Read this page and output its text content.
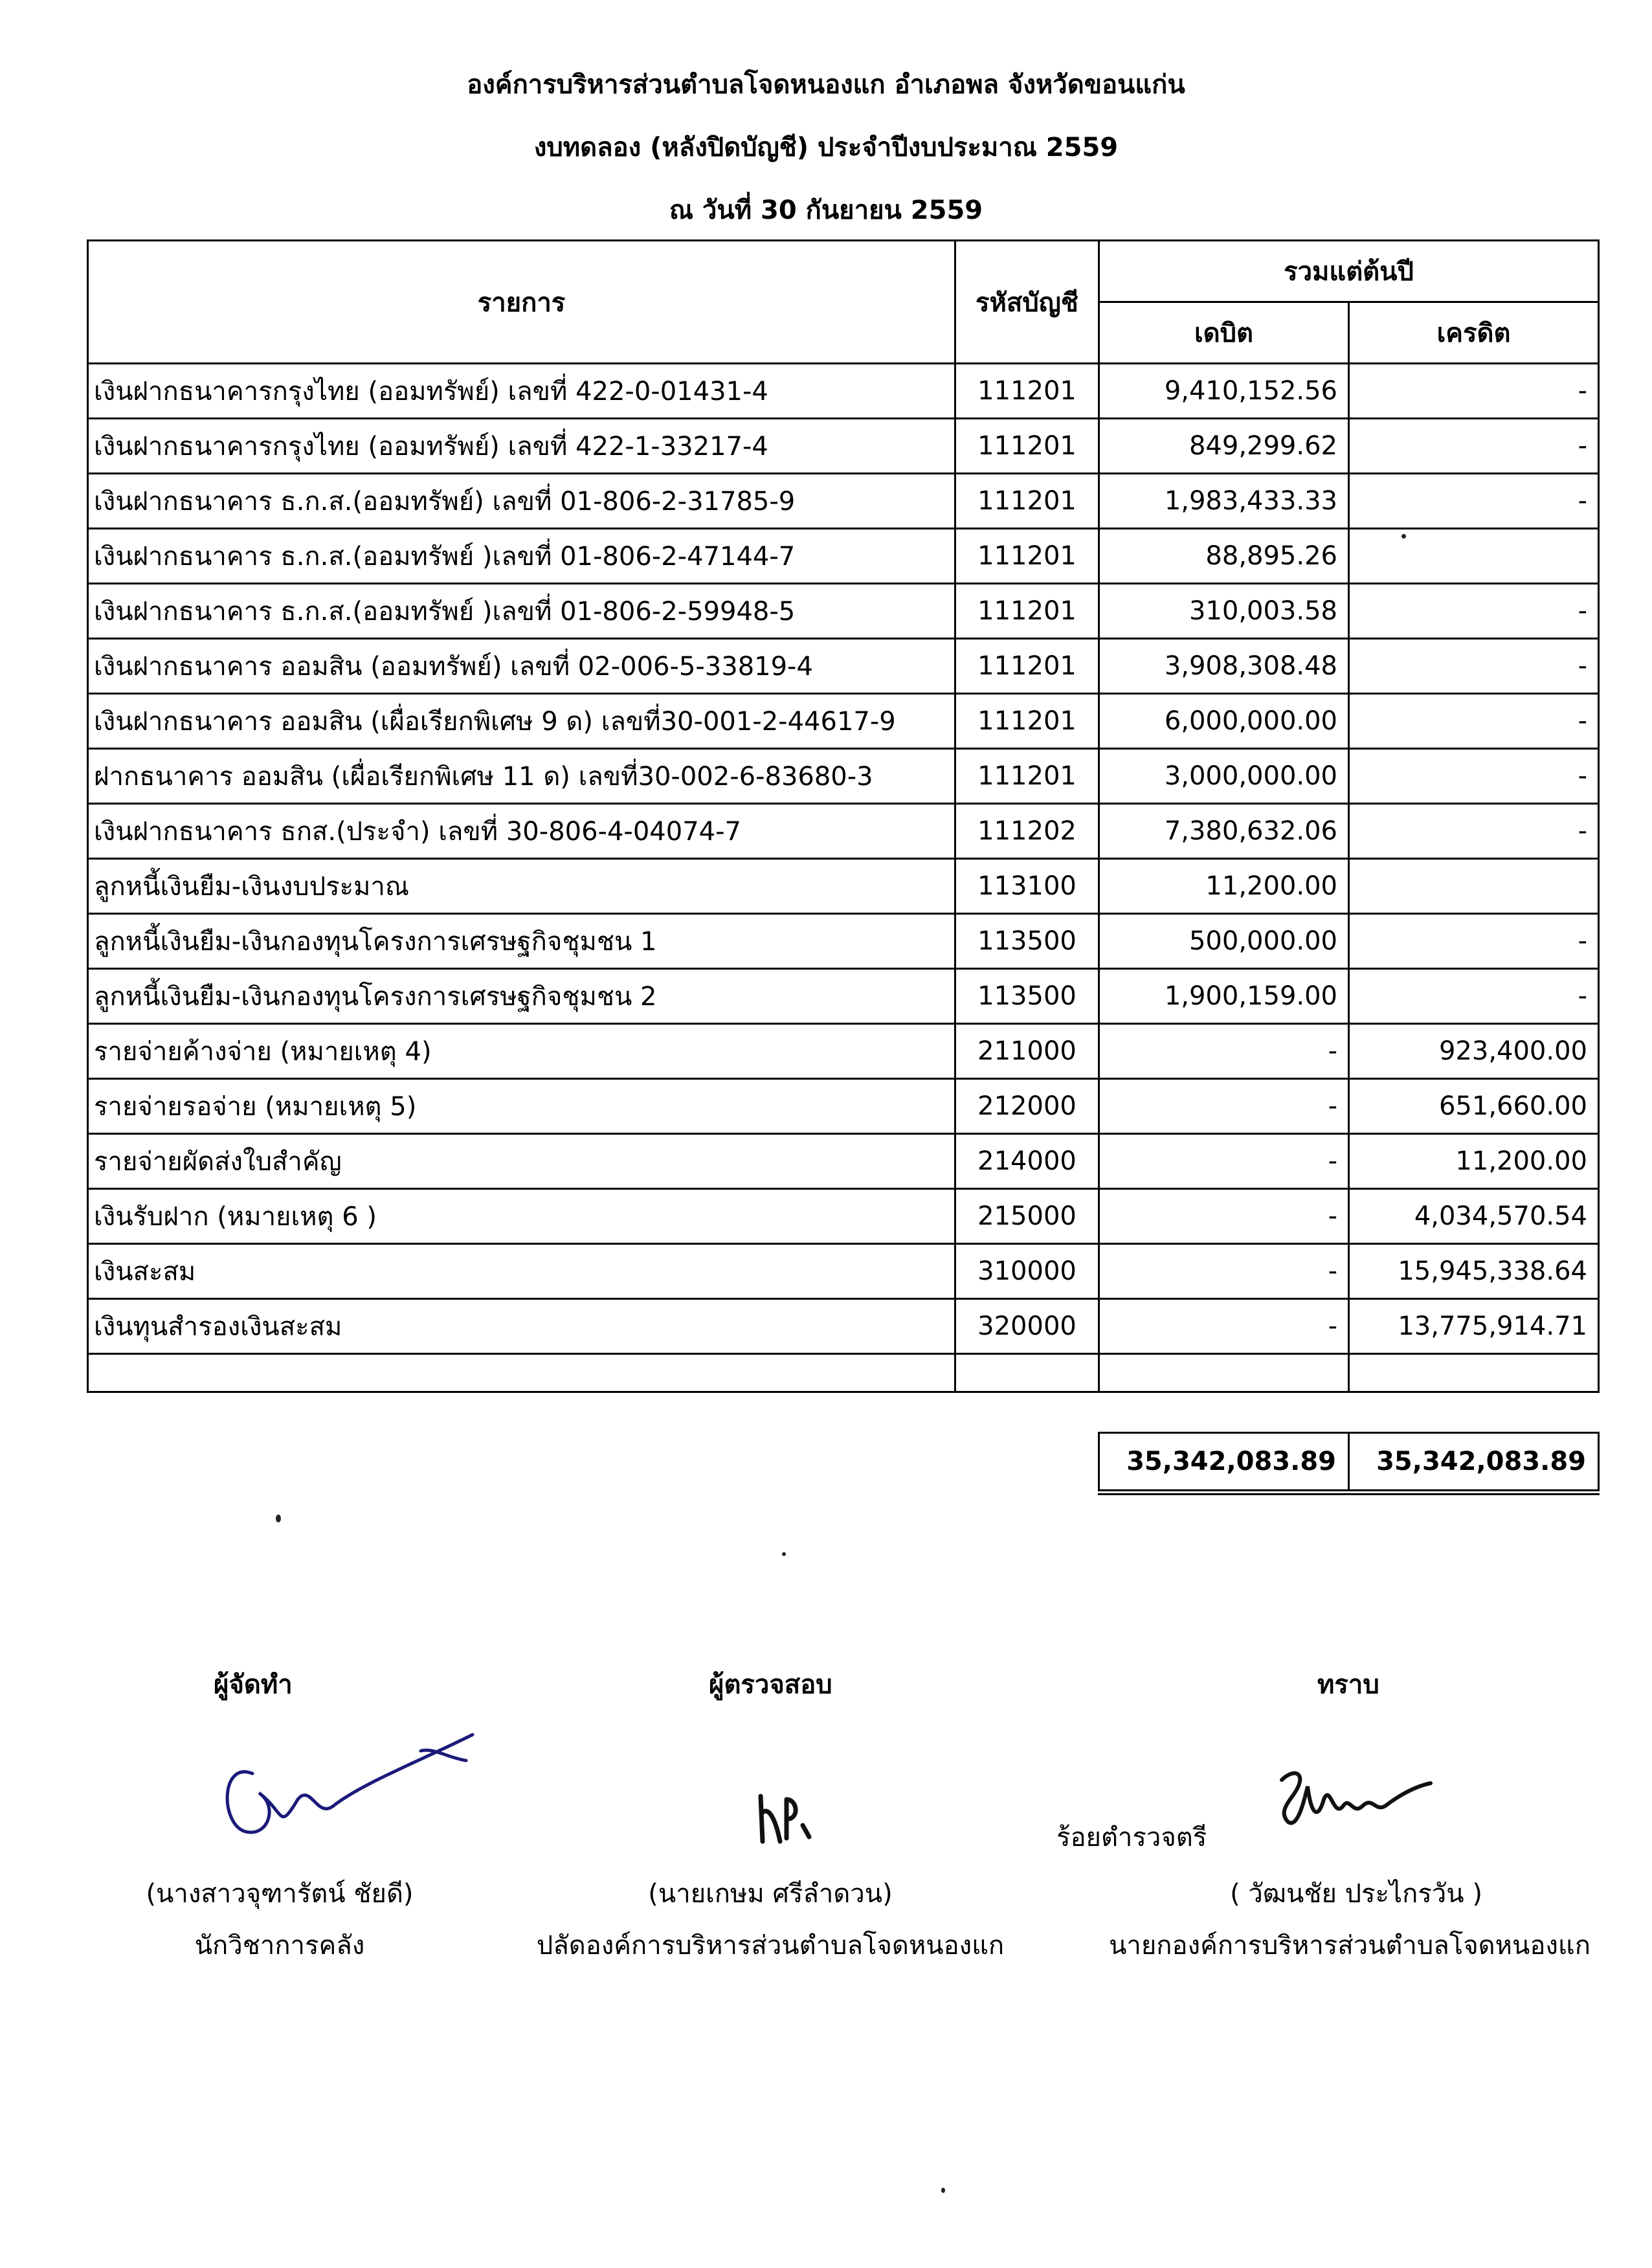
องค์การบริหารส่วนตำบลโจดหนองแก อำเภอพล จังหวัดขอนแก่น
งบทดลอง (หลังปิดบัญชี) ประจำปีงบประมาณ 2559
ณ วันที่ 30 กันยายน 2559
รายการ	รหัสบัญชี	รวมแต่ต้นปี	
		เดบิต	เครดิต
เงินฝากธนาคารกรุงไทย (ออมทรัพย์) เลขที่ 422-0-01431-4	111201	9,410,152.56	-
เงินฝากธนาคารกรุงไทย (ออมทรัพย์) เลขที่ 422-1-33217-4	111201	849,299.62	-
เงินฝากธนาคาร ธ.ก.ส.(ออมทรัพย์) เลขที่ 01-806-2-31785-9	111201	1,983,433.33	-
เงินฝากธนาคาร ธ.ก.ส.(ออมทรัพย์ )เลขที่ 01-806-2-47144-7	111201	88,895.26	
เงินฝากธนาคาร ธ.ก.ส.(ออมทรัพย์ )เลขที่ 01-806-2-59948-5	111201	310,003.58	-
เงินฝากธนาคาร ออมสิน (ออมทรัพย์) เลขที่ 02-006-5-33819-4	111201	3,908,308.48	-
เงินฝากธนาคาร ออมสิน (เผื่อเรียกพิเศษ 9 ด) เลขที่30-001-2-44617-9	111201	6,000,000.00	-
ฝากธนาคาร ออมสิน (เผื่อเรียกพิเศษ 11 ด) เลขที่30-002-6-83680-3	111201	3,000,000.00	-
เงินฝากธนาคาร ธกส.(ประจำ) เลขที่ 30-806-4-04074-7	111202	7,380,632.06	-
ลูกหนี้เงินยืม-เงินงบประมาณ	113100	11,200.00	
ลูกหนี้เงินยืม-เงินกองทุนโครงการเศรษฐกิจชุมชน 1	113500	500,000.00	-
ลูกหนี้เงินยืม-เงินกองทุนโครงการเศรษฐกิจชุมชน 2	113500	1,900,159.00	-
รายจ่ายค้างจ่าย (หมายเหตุ 4)	211000	-	923,400.00
รายจ่ายรอจ่าย (หมายเหตุ 5)	212000	-	651,660.00
รายจ่ายผัดส่งใบสำคัญ	214000	-	11,200.00
เงินรับฝาก (หมายเหตุ 6 )	215000	-	4,034,570.54
เงินสะสม	310000	-	15,945,338.64
เงินทุนสำรองเงินสะสม	320000	-	13,775,914.71

35,342,083.89	35,342,083.89
ผู้จัดทำ
(นางสาวจุฑารัตน์ ชัยดี)
นักวิชาการคลัง
ผู้ตรวจสอบ
(นายเกษม ศรีลำดวน)
ปลัดองค์การบริหารส่วนตำบลโจดหนองแก
ทราบ
ร้อยตำรวจตรี
( วัฒนชัย ประไกรวัน )
นายกองค์การบริหารส่วนตำบลโจดหนองแก
